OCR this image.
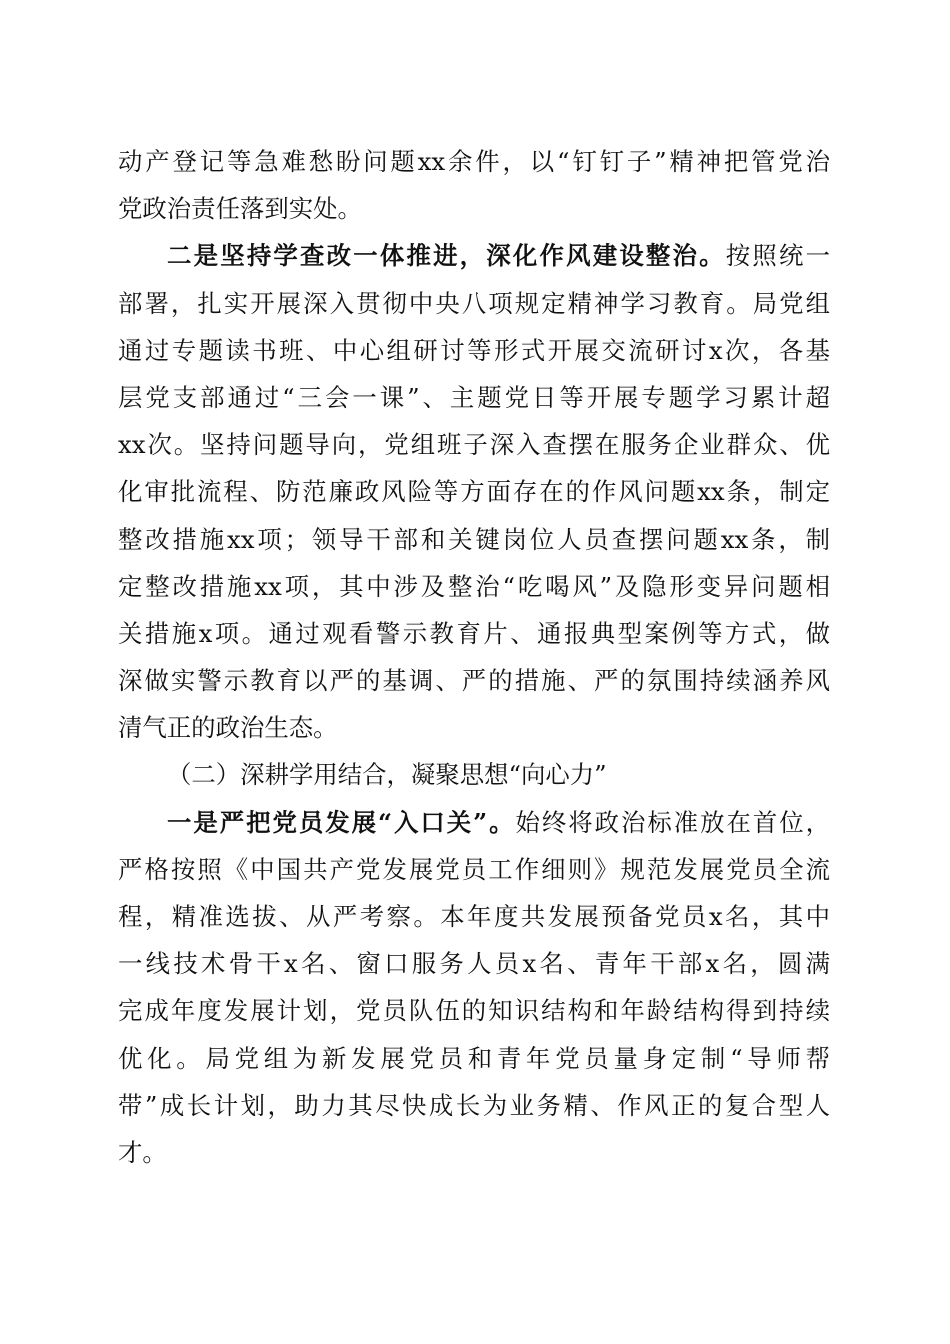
动产登记等急难愁盼问题xx余件，以“钉钉子”精神把管党治
党政治责任落到实处。
二是坚持学查改一体推进，深化作风建设整治。按照统一
部署，扎实开展深入贯彻中央八项规定精神学习教育。局党组
通过专题读书班、中心组研讨等形式开展交流研讨x次，各基
层党支部通过“三会一课”、主题党日等开展专题学习累计超
xx次。坚持问题导向，党组班子深入查摆在服务企业群众、优
化审批流程、防范廉政风险等方面存在的作风问题xx条，制定
整改措施xx项；领导干部和关键岗位人员查摆问题xx条，制
定整改措施xx项，其中涉及整治“吃喝风”及隐形变异问题相
关措施x项。通过观看警示教育片、通报典型案例等方式，做
深做实警示教育以严的基调、严的措施、严的氛围持续涵养风
清气正的政治生态。
（二）深耕学用结合，凝聚思想“向心力”
一是严把党员发展“入口关”。始终将政治标准放在首位，
严格按照《中国共产党发展党员工作细则》规范发展党员全流
程，精准选拔、从严考察。本年度共发展预备党员x名，其中
一线技术骨干x名、窗口服务人员x名、青年干部x名，圆满
完成年度发展计划，党员队伍的知识结构和年龄结构得到持续
优化。局党组为新发展党员和青年党员量身定制“导师帮
带”成长计划，助力其尽快成长为业务精、作风正的复合型人
才。
